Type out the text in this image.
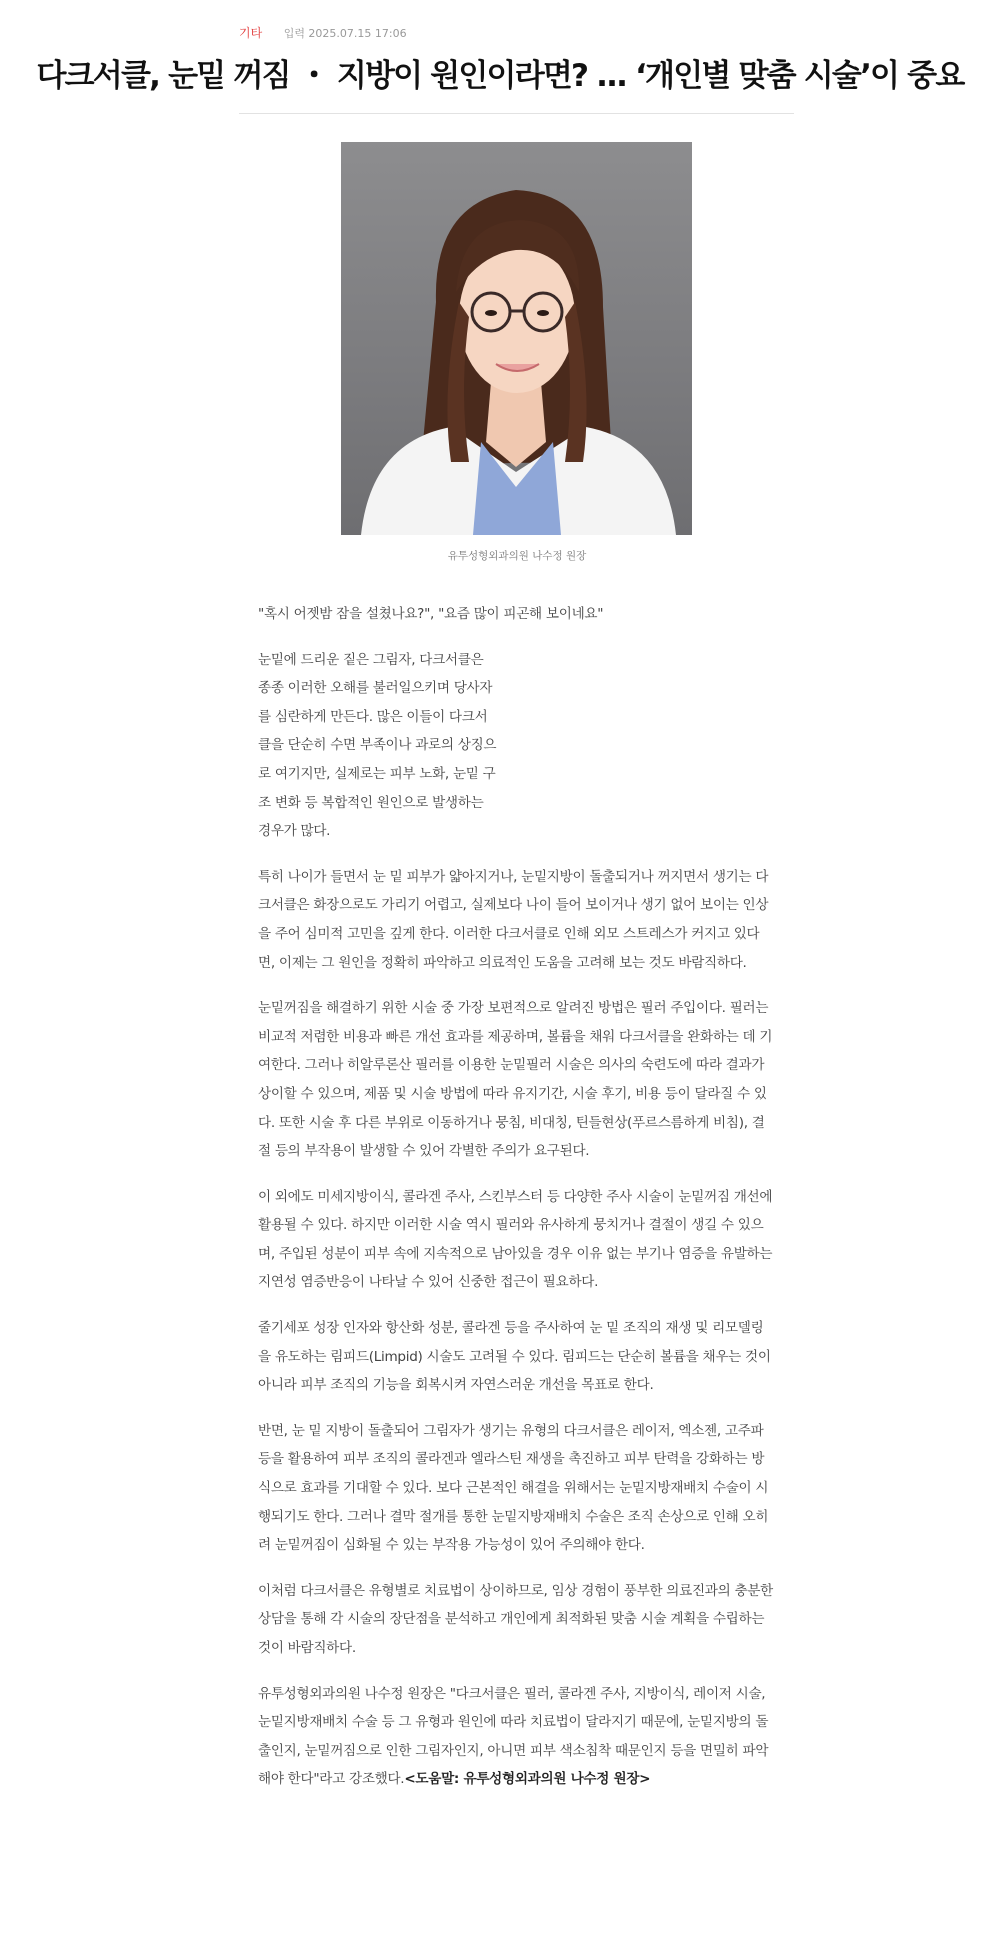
기타 입력 2025.07.15 17:06
다크서클, 눈밑 꺼짐 ・ 지방이 원인이라면? ... ‘개인별 맞춤 시술’이 중요
유투성형외과의원 나수정 원장

"혹시 어젯밤 잠을 설쳤나요?", "요즘 많이 피곤해 보이네요"

눈밑에 드리운 짙은 그림자, 다크서클은 종종 이러한 오해를 불러일으키며 당사자를 심란하게 만든다. 많은 이들이 다크서클을 단순히 수면 부족이나 과로의 상징으로 여기지만, 실제로는 피부 노화, 눈밑 구조 변화 등 복합적인 원인으로 발생하는 경우가 많다.

특히 나이가 들면서 눈 밑 피부가 얇아지거나, 눈밑지방이 돌출되거나 꺼지면서 생기는 다크서클은 화장으로도 가리기 어렵고, 실제보다 나이 들어 보이거나 생기 없어 보이는 인상을 주어 심미적 고민을 깊게 한다. 이러한 다크서클로 인해 외모 스트레스가 커지고 있다면, 이제는 그 원인을 정확히 파악하고 의료적인 도움을 고려해 보는 것도 바람직하다.

눈밑꺼짐을 해결하기 위한 시술 중 가장 보편적으로 알려진 방법은 필러 주입이다. 필러는 비교적 저렴한 비용과 빠른 개선 효과를 제공하며, 볼륨을 채워 다크서클을 완화하는 데 기여한다. 그러나 히알루론산 필러를 이용한 눈밑필러 시술은 의사의 숙련도에 따라 결과가 상이할 수 있으며, 제품 및 시술 방법에 따라 유지기간, 시술 후기, 비용 등이 달라질 수 있다. 또한 시술 후 다른 부위로 이동하거나 뭉침, 비대칭, 틴들현상(푸르스름하게 비침), 결절 등의 부작용이 발생할 수 있어 각별한 주의가 요구된다.

이 외에도 미세지방이식, 콜라겐 주사, 스킨부스터 등 다양한 주사 시술이 눈밑꺼짐 개선에 활용될 수 있다. 하지만 이러한 시술 역시 필러와 유사하게 뭉치거나 결절이 생길 수 있으며, 주입된 성분이 피부 속에 지속적으로 남아있을 경우 이유 없는 부기나 염증을 유발하는 지연성 염증반응이 나타날 수 있어 신중한 접근이 필요하다.

줄기세포 성장 인자와 항산화 성분, 콜라겐 등을 주사하여 눈 밑 조직의 재생 및 리모델링을 유도하는 림피드(Limpid) 시술도 고려될 수 있다. 림피드는 단순히 볼륨을 채우는 것이 아니라 피부 조직의 기능을 회복시켜 자연스러운 개선을 목표로 한다.

반면, 눈 밑 지방이 돌출되어 그림자가 생기는 유형의 다크서클은 레이저, 엑소젠, 고주파 등을 활용하여 피부 조직의 콜라겐과 엘라스틴 재생을 촉진하고 피부 탄력을 강화하는 방식으로 효과를 기대할 수 있다. 보다 근본적인 해결을 위해서는 눈밑지방재배치 수술이 시행되기도 한다. 그러나 결막 절개를 통한 눈밑지방재배치 수술은 조직 손상으로 인해 오히려 눈밑꺼짐이 심화될 수 있는 부작용 가능성이 있어 주의해야 한다.

이처럼 다크서클은 유형별로 치료법이 상이하므로, 임상 경험이 풍부한 의료진과의 충분한 상담을 통해 각 시술의 장단점을 분석하고 개인에게 최적화된 맞춤 시술 계획을 수립하는 것이 바람직하다.

유투성형외과의원 나수정 원장은 "다크서클은 필러, 콜라겐 주사, 지방이식, 레이저 시술, 눈밑지방재배치 수술 등 그 유형과 원인에 따라 치료법이 달라지기 때문에, 눈밑지방의 돌출인지, 눈밑꺼짐으로 인한 그림자인지, 아니면 피부 색소침착 때문인지 등을 면밀히 파악해야 한다"라고 강조했다.<도움말: 유투성형외과의원 나수정 원장>
